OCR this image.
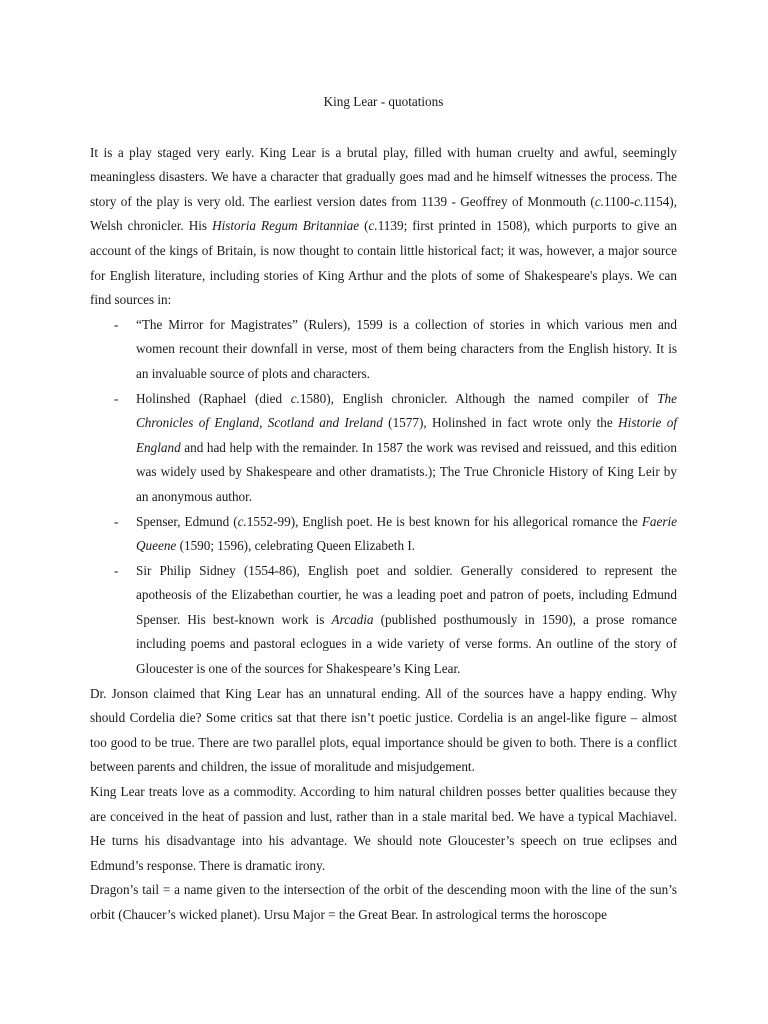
King Lear - quotations

It is a play staged very early. King Lear is a brutal play, filled with human cruelty and awful, seemingly meaningless disasters. We have a character that gradually goes mad and he himself witnesses the process. The story of the play is very old. The earliest version dates from 1139 - Geoffrey of Monmouth (c.1100-c.1154), Welsh chronicler. His Historia Regum Britanniae (c.1139; first printed in 1508), which purports to give an account of the kings of Britain, is now thought to contain little historical fact; it was, however, a major source for English literature, including stories of King Arthur and the plots of some of Shakespeare's plays. We can find sources in:

- “The Mirror for Magistrates” (Rulers), 1599 is a collection of stories in which various men and women recount their downfall in verse, most of them being characters from the English history. It is an invaluable source of plots and characters.
- Holinshed (Raphael (died c.1580), English chronicler. Although the named compiler of The Chronicles of England, Scotland and Ireland (1577), Holinshed in fact wrote only the Historie of England and had help with the remainder. In 1587 the work was revised and reissued, and this edition was widely used by Shakespeare and other dramatists.); The True Chronicle History of King Leir by an anonymous author.
- Spenser, Edmund (c.1552-99), English poet. He is best known for his allegorical romance the Faerie Queene (1590; 1596), celebrating Queen Elizabeth I.
- Sir Philip Sidney (1554-86), English poet and soldier. Generally considered to represent the apotheosis of the Elizabethan courtier, he was a leading poet and patron of poets, including Edmund Spenser. His best-known work is Arcadia (published posthumously in 1590), a prose romance including poems and pastoral eclogues in a wide variety of verse forms. An outline of the story of Gloucester is one of the sources for Shakespeare’s King Lear.

Dr. Jonson claimed that King Lear has an unnatural ending. All of the sources have a happy ending. Why should Cordelia die? Some critics sat that there isn’t poetic justice. Cordelia is an angel-like figure – almost too good to be true. There are two parallel plots, equal importance should be given to both. There is a conflict between parents and children, the issue of moralitude and misjudgement.

King Lear treats love as a commodity. According to him natural children posses better qualities because they are conceived in the heat of passion and lust, rather than in a stale marital bed. We have a typical Machiavel. He turns his disadvantage into his advantage. We should note Gloucester’s speech on true eclipses and Edmund’s response. There is dramatic irony.

Dragon’s tail = a name given to the intersection of the orbit of the descending moon with the line of the sun’s orbit (Chaucer’s wicked planet). Ursu Major = the Great Bear. In astrological terms the horoscope
